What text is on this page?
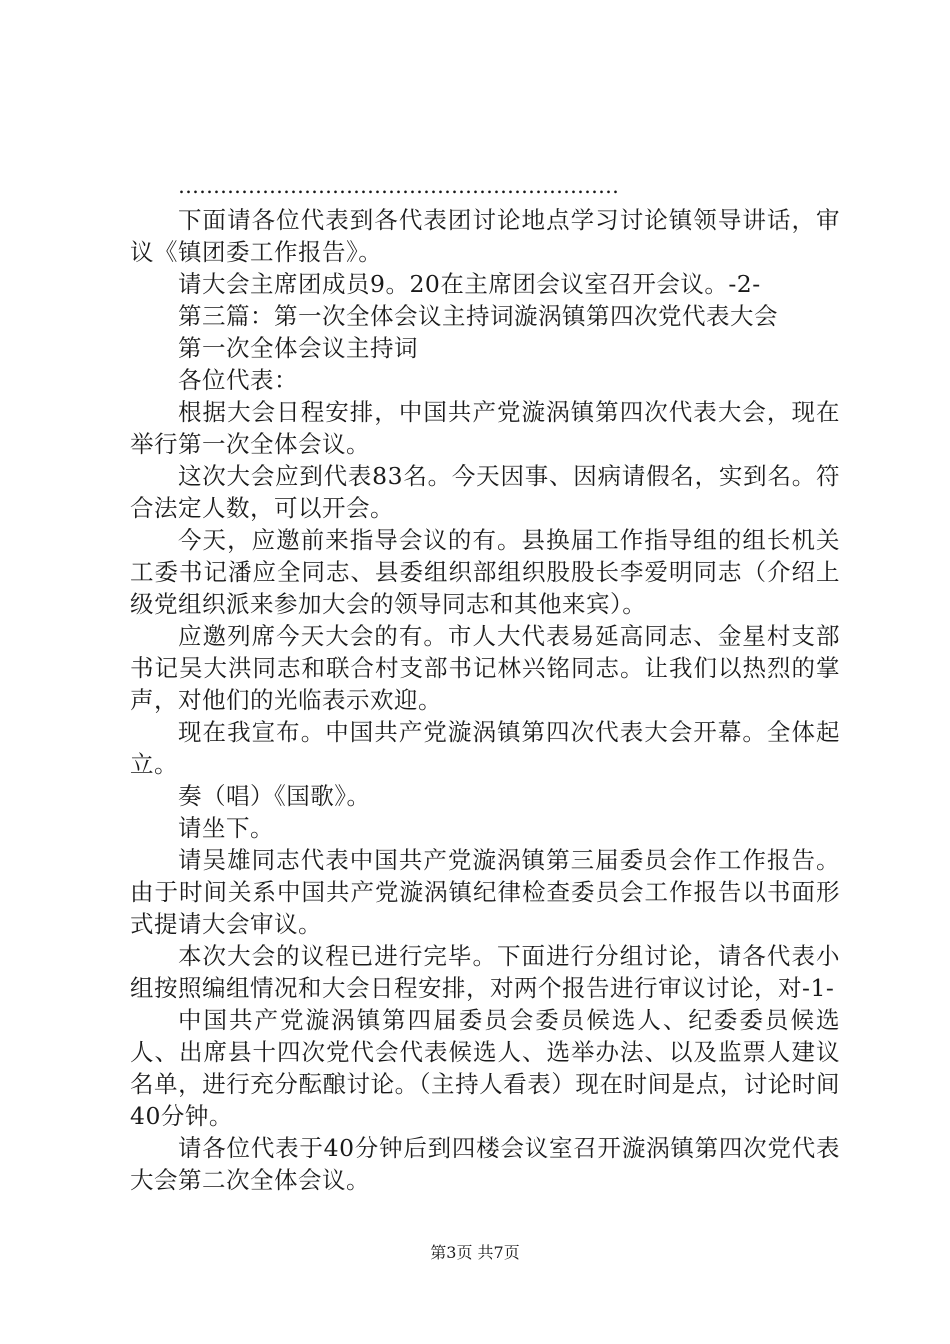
………………………………………………………

下面请各位代表到各代表团讨论地点学习讨论镇领导讲话，审议《镇团委工作报告》。

请大会主席团成员9。20在主席团会议室召开会议。-2-

第三篇：第一次全体会议主持词漩涡镇第四次党代表大会

第一次全体会议主持词

各位代表：

根据大会日程安排，中国共产党漩涡镇第四次代表大会，现在举行第一次全体会议。

这次大会应到代表83名。今天因事、因病请假名，实到名。符合法定人数，可以开会。

今天，应邀前来指导会议的有。县换届工作指导组的组长机关工委书记潘应全同志、县委组织部组织股股长李爱明同志（介绍上级党组织派来参加大会的领导同志和其他来宾）。

应邀列席今天大会的有。市人大代表易延高同志、金星村支部书记吴大洪同志和联合村支部书记林兴铭同志。让我们以热烈的掌声，对他们的光临表示欢迎。

现在我宣布。中国共产党漩涡镇第四次代表大会开幕。全体起立。

奏（唱）《国歌》。

请坐下。

请吴雄同志代表中国共产党漩涡镇第三届委员会作工作报告。由于时间关系中国共产党漩涡镇纪律检查委员会工作报告以书面形式提请大会审议。

本次大会的议程已进行完毕。下面进行分组讨论，请各代表小组按照编组情况和大会日程安排，对两个报告进行审议讨论，对-1-

中国共产党漩涡镇第四届委员会委员候选人、纪委委员候选人、出席县十四次党代会代表候选人、选举办法、以及监票人建议名单，进行充分酝酿讨论。（主持人看表）现在时间是点，讨论时间40分钟。

请各位代表于40分钟后到四楼会议室召开漩涡镇第四次党代表大会第二次全体会议。

第3页 共7页
